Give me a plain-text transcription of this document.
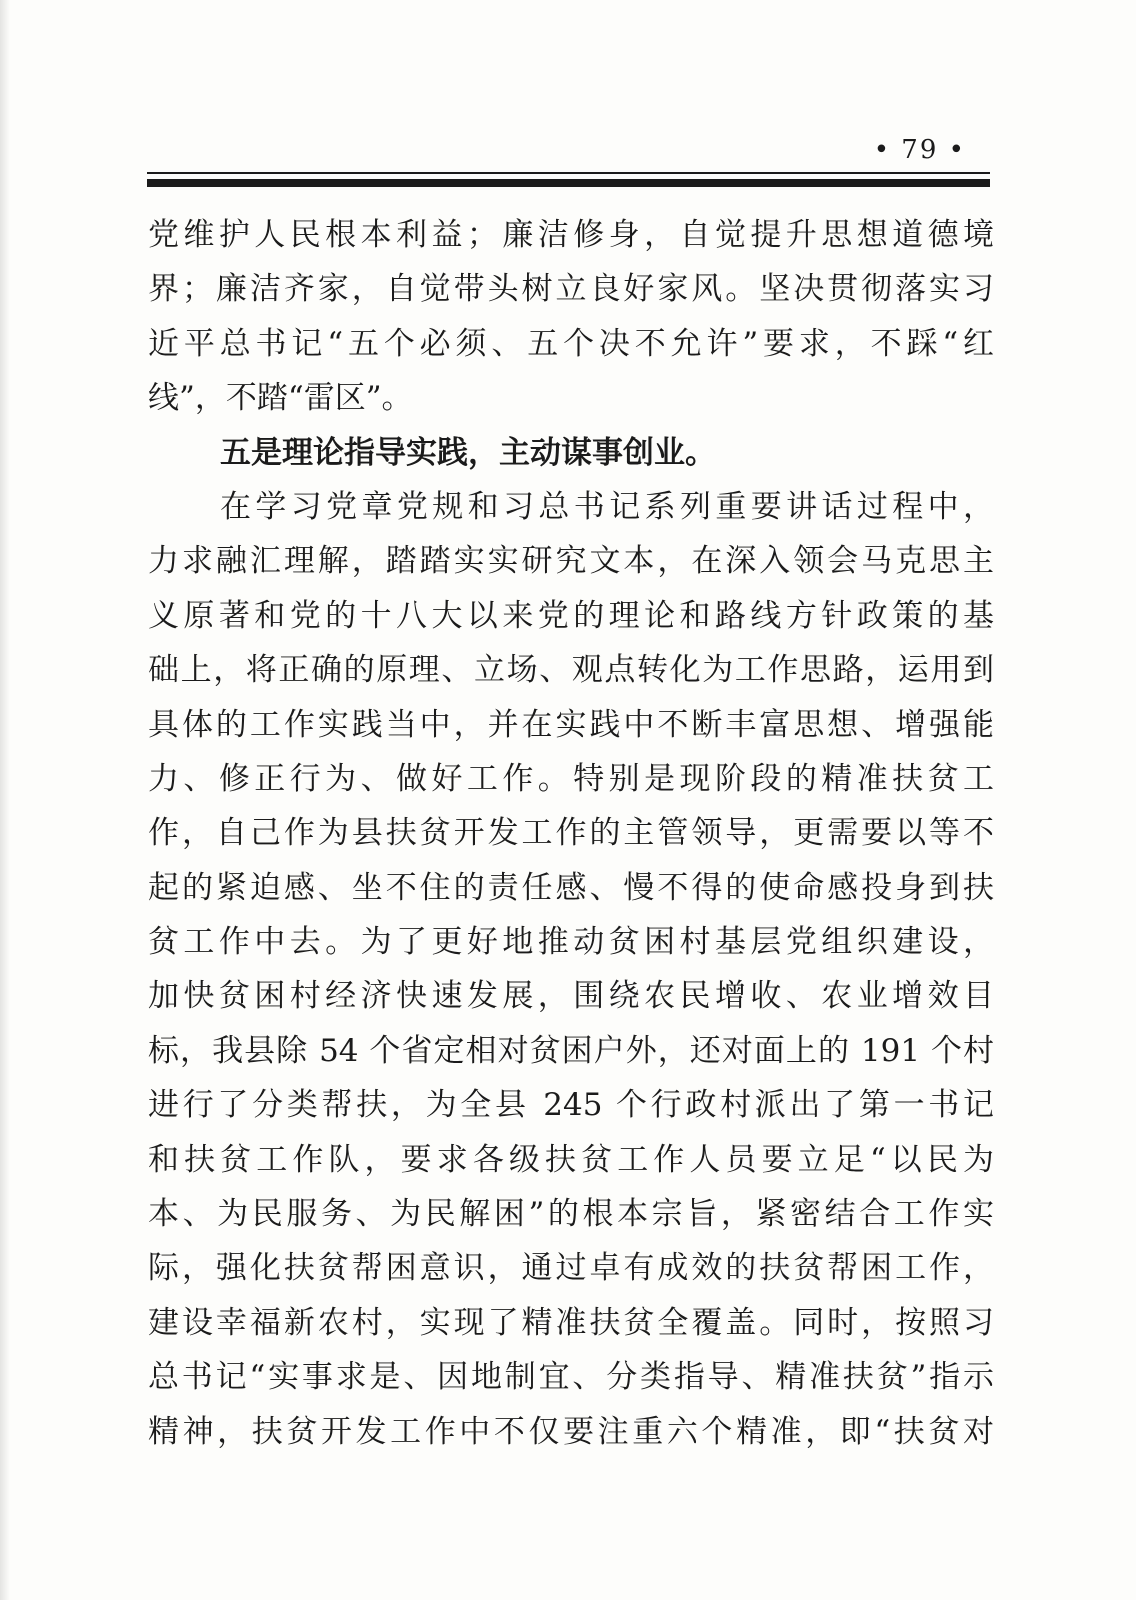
• 79 •
党维护人民根本利益；廉洁修身，自觉提升思想道德境
界；廉洁齐家，自觉带头树立良好家风。坚决贯彻落实习
近平总书记“五个必须、五个决不允许”要求，不踩“红
线”，不踏“雷区”。
五是理论指导实践，主动谋事创业。
在学习党章党规和习总书记系列重要讲话过程中，
力求融汇理解，踏踏实实研究文本，在深入领会马克思主
义原著和党的十八大以来党的理论和路线方针政策的基
础上，将正确的原理、立场、观点转化为工作思路，运用到
具体的工作实践当中，并在实践中不断丰富思想、增强能
力、修正行为、做好工作。特别是现阶段的精准扶贫工
作，自己作为县扶贫开发工作的主管领导，更需要以等不
起的紧迫感、坐不住的责任感、慢不得的使命感投身到扶
贫工作中去。为了更好地推动贫困村基层党组织建设，
加快贫困村经济快速发展，围绕农民增收、农业增效目
标，我县除 54 个省定相对贫困户外，还对面上的 191 个村
进行了分类帮扶，为全县 245 个行政村派出了第一书记
和扶贫工作队，要求各级扶贫工作人员要立足“以民为
本、为民服务、为民解困”的根本宗旨，紧密结合工作实
际，强化扶贫帮困意识，通过卓有成效的扶贫帮困工作，
建设幸福新农村，实现了精准扶贫全覆盖。同时，按照习
总书记“实事求是、因地制宜、分类指导、精准扶贫”指示
精神，扶贫开发工作中不仅要注重六个精准，即“扶贫对
